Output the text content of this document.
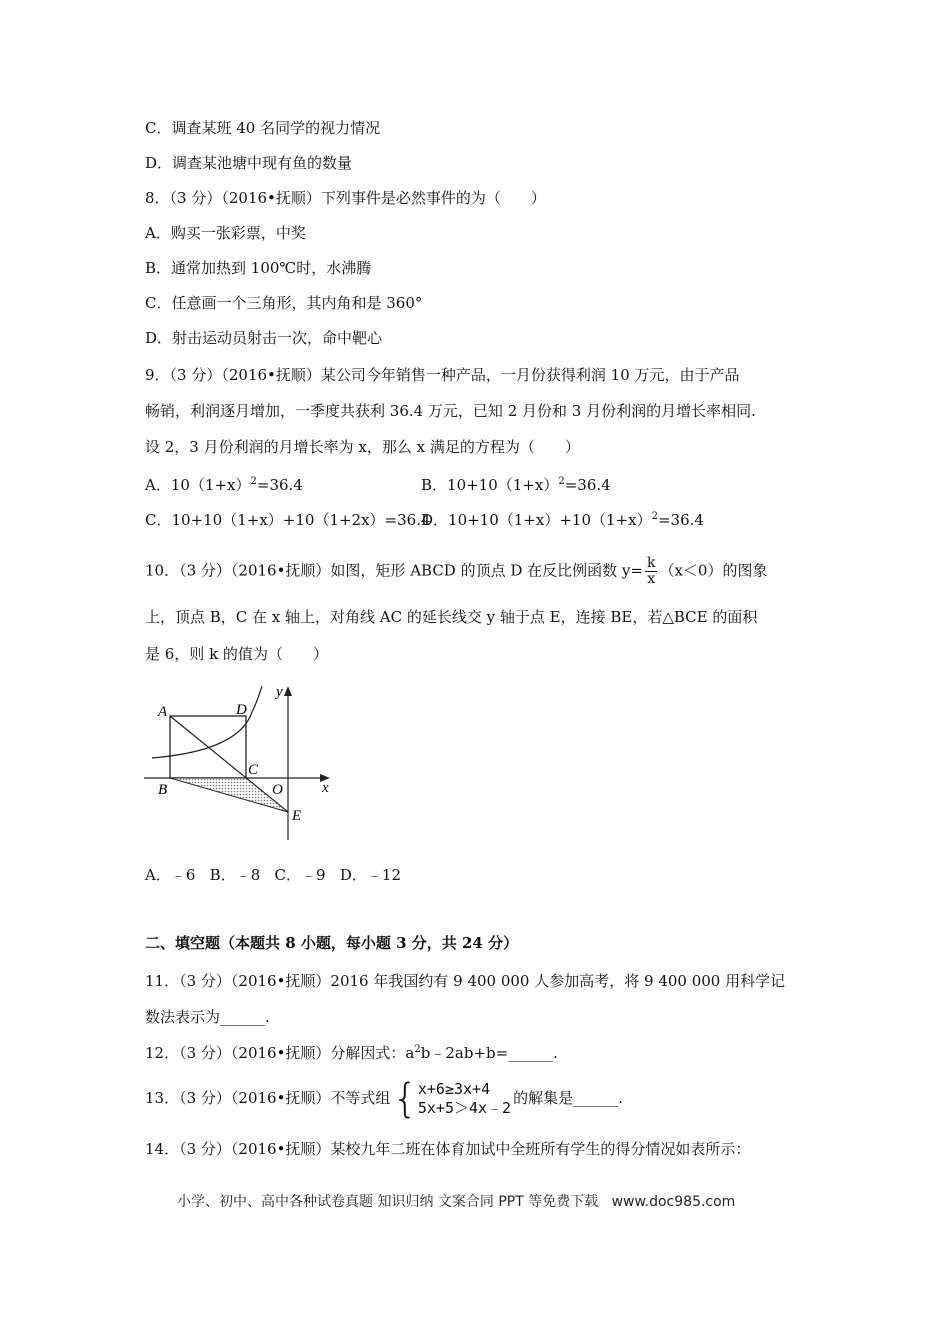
C．调查某班 40 名同学的视力情况
D．调查某池塘中现有鱼的数量
8．（3 分）（2016•抚顺）下列事件是必然事件的为（　　）
A．购买一张彩票，中奖
B．通常加热到 100℃时，水沸腾
C．任意画一个三角形，其内角和是 360°
D．射击运动员射击一次，命中靶心
9．（3 分）（2016•抚顺）某公司今年销售一种产品，一月份获得利润 10 万元，由于产品
畅销，利润逐月增加，一季度共获利 36.4 万元，已知 2 月份和 3 月份利润的月增长率相同.
设 2，3 月份利润的月增长率为 x，那么 x 满足的方程为（　　）
A．$10(1+x)^2=36.4$	B．$10+10(1+x)^2=36.4$
C．10+10（1+x）+10（1+2x）=36.4
D．$10+10(1+x)+10(1+x)^2=36.4$
10．（3 分）（2016•抚顺）如图，矩形 ABCD 的顶点 D 在反比例函数 $y= \frac{k}{x} (x<0)$的图象
上，顶点 B，C 在 x 轴上，对角线 AC 的延长线交 y 轴于点 E，连接 BE，若△BCE 的面积
是 6，则 k 的值为（　　）
A	D
y
C
x
B	O
E
A．﹣6   B．﹣8   C．﹣9   D．﹣12
二、填空题（本题共 8 小题，每小题 3 分，共 24 分）
11．（3 分）（2016•抚顺）2016 年我国约有 9 400 000 人参加高考，将 9 400 000 用科学记
数法表示为______.
12．（3 分）（2016•抚顺）分解因式：$a^2b﹣2ab+b=\_\_\_\_\_\_$.
13．（3 分）（2016•抚顺）不等式组 { x+6≥3x+4
5x+5＞4x﹣2
的解集是______.
14．（3 分）（2016•抚顺）某校九年二班在体育加试中全班所有学生的得分情况如表所示：
小学、初中、高中各种试卷真题 知识归纳 文案合同 PPT 等免费下载   www.doc985.com
